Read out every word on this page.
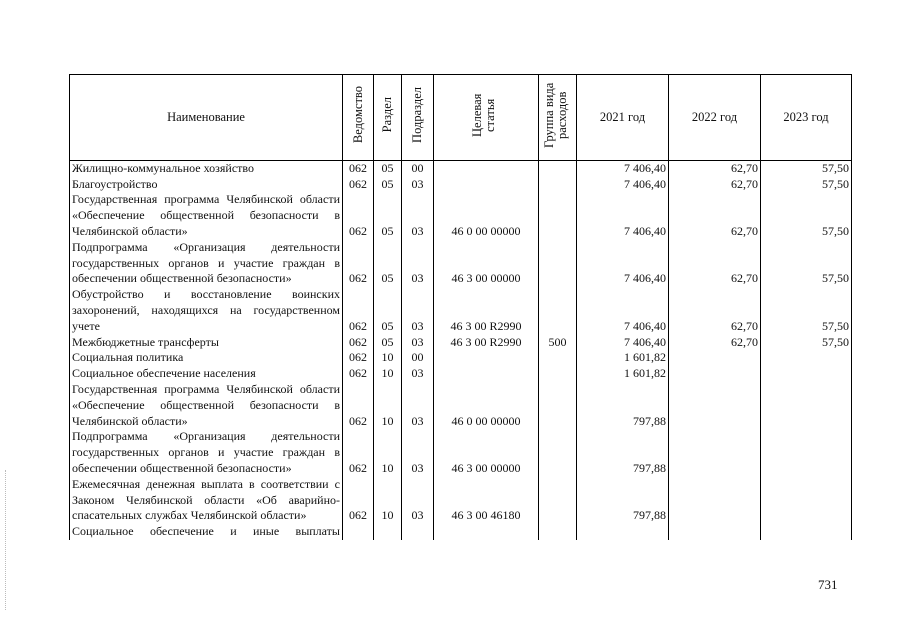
Наименование	Ведомство	Раздел	Подраздел	Целевая статья	Группа вида расходов	2021 год	2022 год	2023 год
Жилищно-коммунальное хозяйство	062	05	00			7 406,40	62,70	57,50
Благоустройство	062	05	03			7 406,40	62,70	57,50
Государственная программа Челябинской области «Обеспечение общественной безопасности в Челябинской области»	062	05	03	46 0 00 00000		7 406,40	62,70	57,50
Подпрограмма «Организация деятельности государственных органов и участие граждан в обеспечении общественной безопасности»	062	05	03	46 3 00 00000		7 406,40	62,70	57,50
Обустройство и восстановление воинских захоронений, находящихся на государственном учете	062	05	03	46 3 00 R2990		7 406,40	62,70	57,50
Межбюджетные трансферты	062	05	03	46 3 00 R2990	500	7 406,40	62,70	57,50
Социальная политика	062	10	00			1 601,82		
Социальное обеспечение населения	062	10	03			1 601,82		
Государственная программа Челябинской области «Обеспечение общественной безопасности в Челябинской области»	062	10	03	46 0 00 00000		797,88		
Подпрограмма «Организация деятельности государственных органов и участие граждан в обеспечении общественной безопасности»	062	10	03	46 3 00 00000		797,88		
Ежемесячная денежная выплата в соответствии с Законом Челябинской области «Об аварийно-спасательных службах Челябинской области»	062	10	03	46 3 00 46180		797,88		
Социальное обеспечение и иные выплаты								
731
